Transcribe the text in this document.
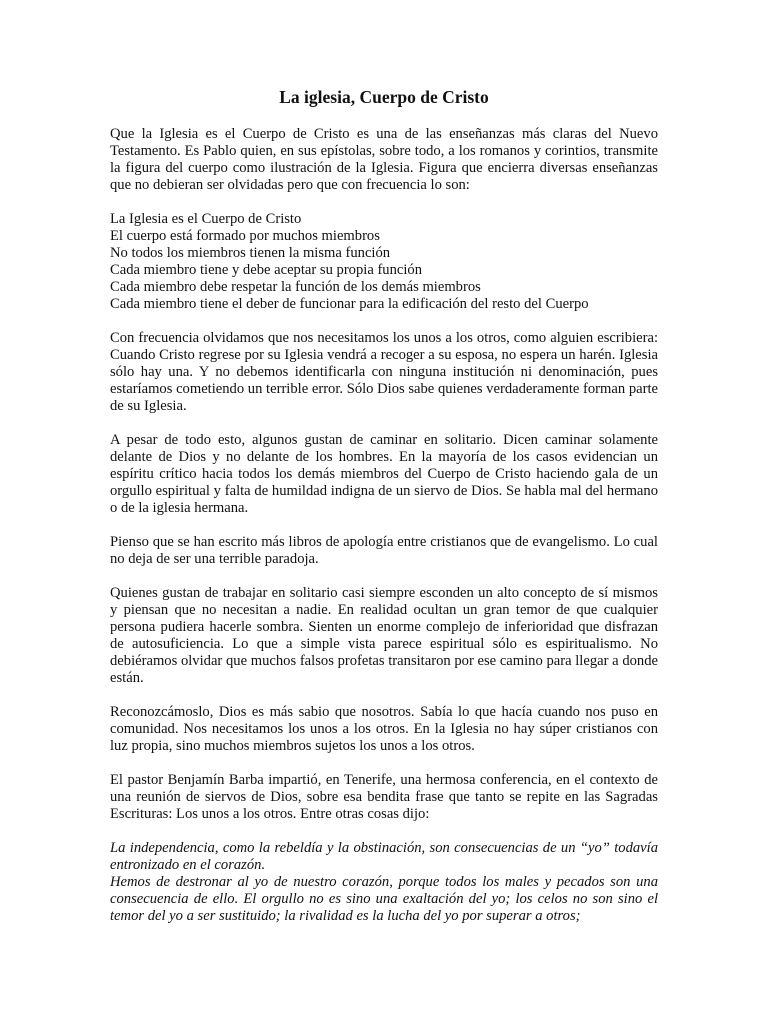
La iglesia, Cuerpo de Cristo

Que la Iglesia es el Cuerpo de Cristo es una de las enseñanzas más claras del Nuevo Testamento. Es Pablo quien, en sus epístolas, sobre todo, a los romanos y corintios, transmite la figura del cuerpo como ilustración de la Iglesia. Figura que encierra diversas enseñanzas que no debieran ser olvidadas pero que con frecuencia lo son:

La Iglesia es el Cuerpo de Cristo
El cuerpo está formado por muchos miembros
No todos los miembros tienen la misma función
Cada miembro tiene y debe aceptar su propia función
Cada miembro debe respetar la función de los demás miembros
Cada miembro tiene el deber de funcionar para la edificación del resto del Cuerpo

Con frecuencia olvidamos que nos necesitamos los unos a los otros, como alguien escribiera: Cuando Cristo regrese por su Iglesia vendrá a recoger a su esposa, no espera un harén. Iglesia sólo hay una. Y no debemos identificarla con ninguna institución ni denominación, pues estaríamos cometiendo un terrible error. Sólo Dios sabe quienes verdaderamente forman parte de su Iglesia.

A pesar de todo esto, algunos gustan de caminar en solitario. Dicen caminar solamente delante de Dios y no delante de los hombres. En la mayoría de los casos evidencian un espíritu crítico hacia todos los demás miembros del Cuerpo de Cristo haciendo gala de un orgullo espiritual y falta de humildad indigna de un siervo de Dios. Se habla mal del hermano o de la iglesia hermana.

Pienso que se han escrito más libros de apología entre cristianos que de evangelismo. Lo cual no deja de ser una terrible paradoja.

Quienes gustan de trabajar en solitario casi siempre esconden un alto concepto de sí mismos y piensan que no necesitan a nadie. En realidad ocultan un gran temor de que cualquier persona pudiera hacerle sombra. Sienten un enorme complejo de inferioridad que disfrazan de autosuficiencia. Lo que a simple vista parece espiritual sólo es espiritualismo. No debiéramos olvidar que muchos falsos profetas transitaron por ese camino para llegar a donde están.

Reconozcámoslo, Dios es más sabio que nosotros. Sabía lo que hacía cuando nos puso en comunidad. Nos necesitamos los unos a los otros. En la Iglesia no hay súper cristianos con luz propia, sino muchos miembros sujetos los unos a los otros.

El pastor Benjamín Barba impartió, en Tenerife, una hermosa conferencia, en el contexto de una reunión de siervos de Dios, sobre esa bendita frase que tanto se repite en las Sagradas Escrituras: Los unos a los otros. Entre otras cosas dijo:

La independencia, como la rebeldía y la obstinación, son consecuencias de un “yo” todavía entronizado en el corazón.

Hemos de destronar al yo de nuestro corazón, porque todos los males y pecados son una consecuencia de ello. El orgullo no es sino una exaltación del yo; los celos no son sino el temor del yo a ser sustituido; la rivalidad es la lucha del yo por superar a otros;
